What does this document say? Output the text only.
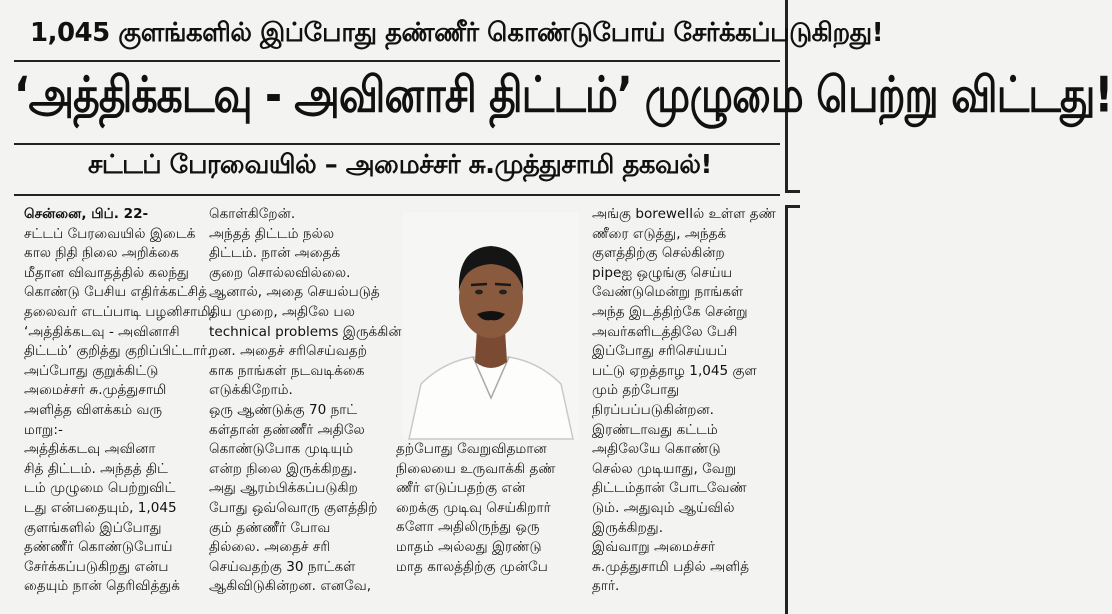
1,045 குளங்களில் இப்போது தண்ணீர் கொண்டுபோய் சேர்க்கப்படுகிறது!
‘அத்திக்கடவு - அவினாசி திட்டம்’ முழுமை பெற்று விட்டது!
சட்டப் பேரவையில் – அமைச்சர் சு.முத்துசாமி தகவல்!

சென்னை, பிப். 22-

சட்டப் பேரவையில் இடைக்

கால நிதி நிலை அறிக்கை

மீதான விவாதத்தில் கலந்து

கொண்டு பேசிய எதிர்க்கட்சித்

தலைவர் எடப்பாடி பழனிசாமி,

‘அத்திக்கடவு - அவினாசி

திட்டம்’ குறித்து குறிப்பிட்டார்.

அப்போது குறுக்கிட்டு

அமைச்சர் சு.முத்துசாமி

அளித்த விளக்கம் வரு

மாறு:-

அத்திக்கடவு அவினா

சித் திட்டம். அந்தத் திட்

டம் முழுமை பெற்றுவிட்

டது என்பதையும், 1,045

குளங்களில் இப்போது

தண்ணீர் கொண்டுபோய்

சேர்க்கப்படுகிறது என்ப

தையும் நான் தெரிவித்துக்

கொள்கிறேன்.

அந்தத் திட்டம் நல்ல

திட்டம். நான் அதைக்

குறை சொல்லவில்லை.

ஆனால், அதை செயல்படுத்

திய முறை, அதிலே பல

technical problems இருக்கின்

றன. அதைச் சரிசெய்வதற்

காக நாங்கள் நடவடிக்கை

எடுக்கிறோம்.

ஒரு ஆண்டுக்கு 70 நாட்

கள்தான் தண்ணீர் அதிலே

கொண்டுபோக முடியும்

என்ற நிலை இருக்கிறது.

அது ஆரம்பிக்கப்படுகிற

போது ஒவ்வொரு குளத்திற்

கும் தண்ணீர் போவ

தில்லை. அதைச் சரி

செய்வதற்கு 30 நாட்கள்

ஆகிவிடுகின்றன. எனவே,

தற்போது வேறுவிதமான

நிலையை உருவாக்கி தண்

ணீர் எடுப்பதற்கு என்

றைக்கு முடிவு செய்கிறார்

களோ அதிலிருந்து ஒரு

மாதம் அல்லது இரண்டு

மாத காலத்திற்கு முன்பே

அங்கு borewellல் உள்ள தண்

ணீரை எடுத்து, அந்தக்

குளத்திற்கு செல்கின்ற

pipeஐ ஒழுங்கு செய்ய

வேண்டுமென்று நாங்கள்

அந்த இடத்திற்கே சென்று

அவர்களிடத்திலே பேசி

இப்போது சரிசெய்யப்

பட்டு ஏறத்தாழ 1,045 குள

மும் தற்போது

நிரப்பப்படுகின்றன.

இரண்டாவது கட்டம்

அதிலேயே கொண்டு

செல்ல முடியாது, வேறு

திட்டம்தான் போடவேண்

டும். அதுவும் ஆய்வில்

இருக்கிறது.

இவ்வாறு அமைச்சர்

சு.முத்துசாமி பதில் அளித்

தார்.
